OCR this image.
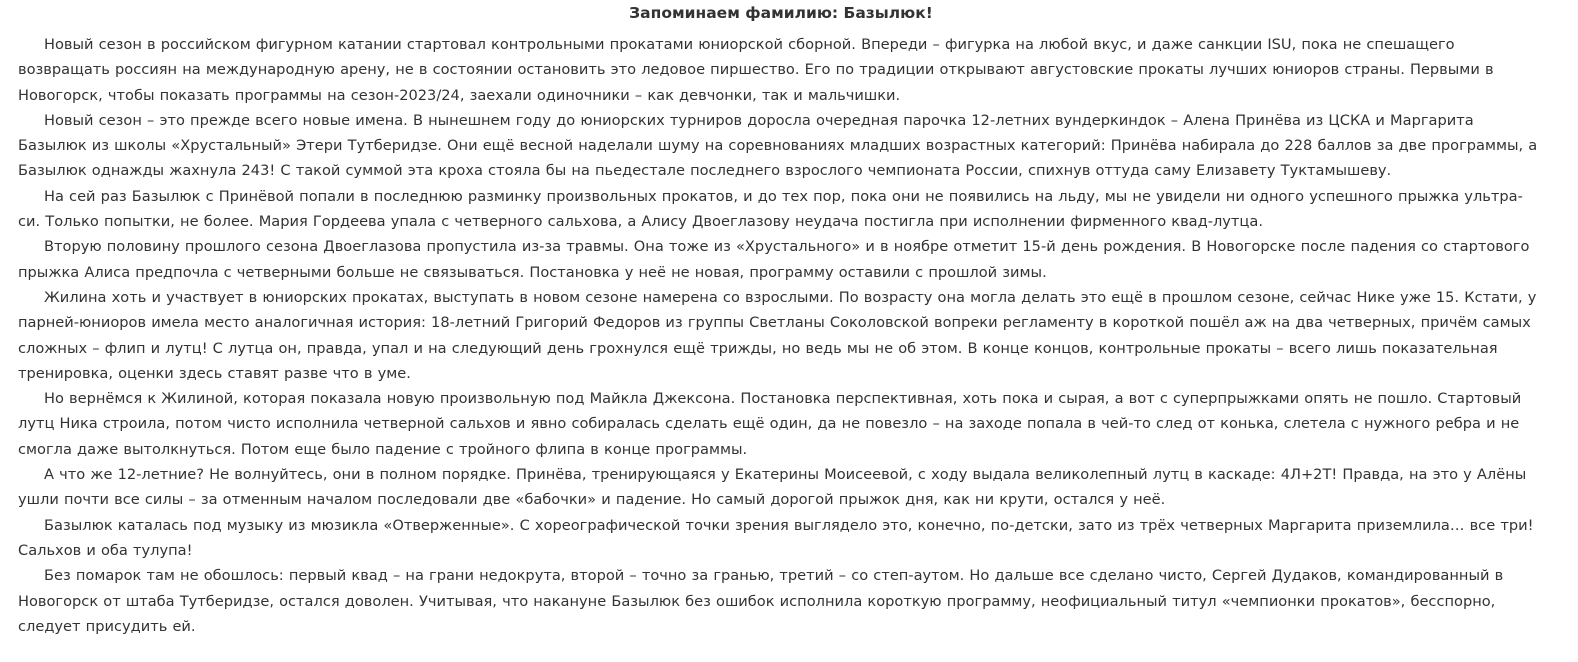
Запоминаем фамилию: Базылюк!

Новый сезон в российском фигурном катании стартовал контрольными прокатами юниорской сборной. Впереди – фигурка на любой вкус, и даже санкции ISU, пока не спешащего возвращать россиян на международную арену, не в состоянии остановить это ледовое пиршество. Его по традиции открывают августовские прокаты лучших юниоров страны. Первыми в Новогорск, чтобы показать программы на сезон-2023/24, заехали одиночники – как девчонки, так и мальчишки.

Новый сезон – это прежде всего новые имена. В нынешнем году до юниорских турниров доросла очередная парочка 12-летних вундеркиндок – Алена Принёва из ЦСКА и Маргарита Базылюк из школы «Хрустальный» Этери Тутберидзе. Они ещё весной наделали шуму на соревнованиях младших возрастных категорий: Принёва набирала до 228 баллов за две программы, а Базылюк однажды жахнула 243! С такой суммой эта кроха стояла бы на пьедестале последнего взрослого чемпионата России, спихнув оттуда саму Елизавету Туктамышеву.

На сей раз Базылюк с Принёвой попали в последнюю разминку произвольных прокатов, и до тех пор, пока они не появились на льду, мы не увидели ни одного успешного прыжка ультра-си. Только попытки, не более. Мария Гордеева упала с четверного сальхова, а Алису Двоеглазову неудача постигла при исполнении фирменного квад-лутца.

Вторую половину прошлого сезона Двоеглазова пропустила из-за травмы. Она тоже из «Хрустального» и в ноябре отметит 15-й день рождения. В Новогорске после падения со стартового прыжка Алиса предпочла с четверными больше не связываться. Постановка у неё не новая, программу оставили с прошлой зимы.

Жилина хоть и участвует в юниорских прокатах, выступать в новом сезоне намерена со взрослыми. По возрасту она могла делать это ещё в прошлом сезоне, сейчас Нике уже 15. Кстати, у парней-юниоров имела место аналогичная история: 18-летний Григорий Федоров из группы Светланы Соколовской вопреки регламенту в короткой пошёл аж на два четверных, причём самых сложных – флип и лутц! С лутца он, правда, упал и на следующий день грохнулся ещё трижды, но ведь мы не об этом. В конце концов, контрольные прокаты – всего лишь показательная тренировка, оценки здесь ставят разве что в уме.

Но вернёмся к Жилиной, которая показала новую произвольную под Майкла Джексона. Постановка перспективная, хоть пока и сырая, а вот с суперпрыжками опять не пошло. Стартовый лутц Ника строила, потом чисто исполнила четверной сальхов и явно собиралась сделать ещё один, да не повезло – на заходе попала в чей-то след от конька, слетела с нужного ребра и не смогла даже вытолкнуться. Потом еще было падение с тройного флипа в конце программы.

А что же 12-летние? Не волнуйтесь, они в полном порядке. Принёва, тренирующаяся у Екатерины Моисеевой, с ходу выдала великолепный лутц в каскаде: 4Л+2Т! Правда, на это у Алёны ушли почти все силы – за отменным началом последовали две «бабочки» и падение. Но самый дорогой прыжок дня, как ни крути, остался у неё.

Базылюк каталась под музыку из мюзикла «Отверженные». С хореографической точки зрения выглядело это, конечно, по-детски, зато из трёх четверных Маргарита приземлила… все три! Сальхов и оба тулупа!

Без помарок там не обошлось: первый квад – на грани недокрута, второй – точно за гранью, третий – со степ-аутом. Но дальше все сделано чисто, Сергей Дудаков, командированный в Новогорск от штаба Тутберидзе, остался доволен. Учитывая, что накануне Базылюк без ошибок исполнила короткую программу, неофициальный титул «чемпионки прокатов», бесспорно, следует присудить ей.
